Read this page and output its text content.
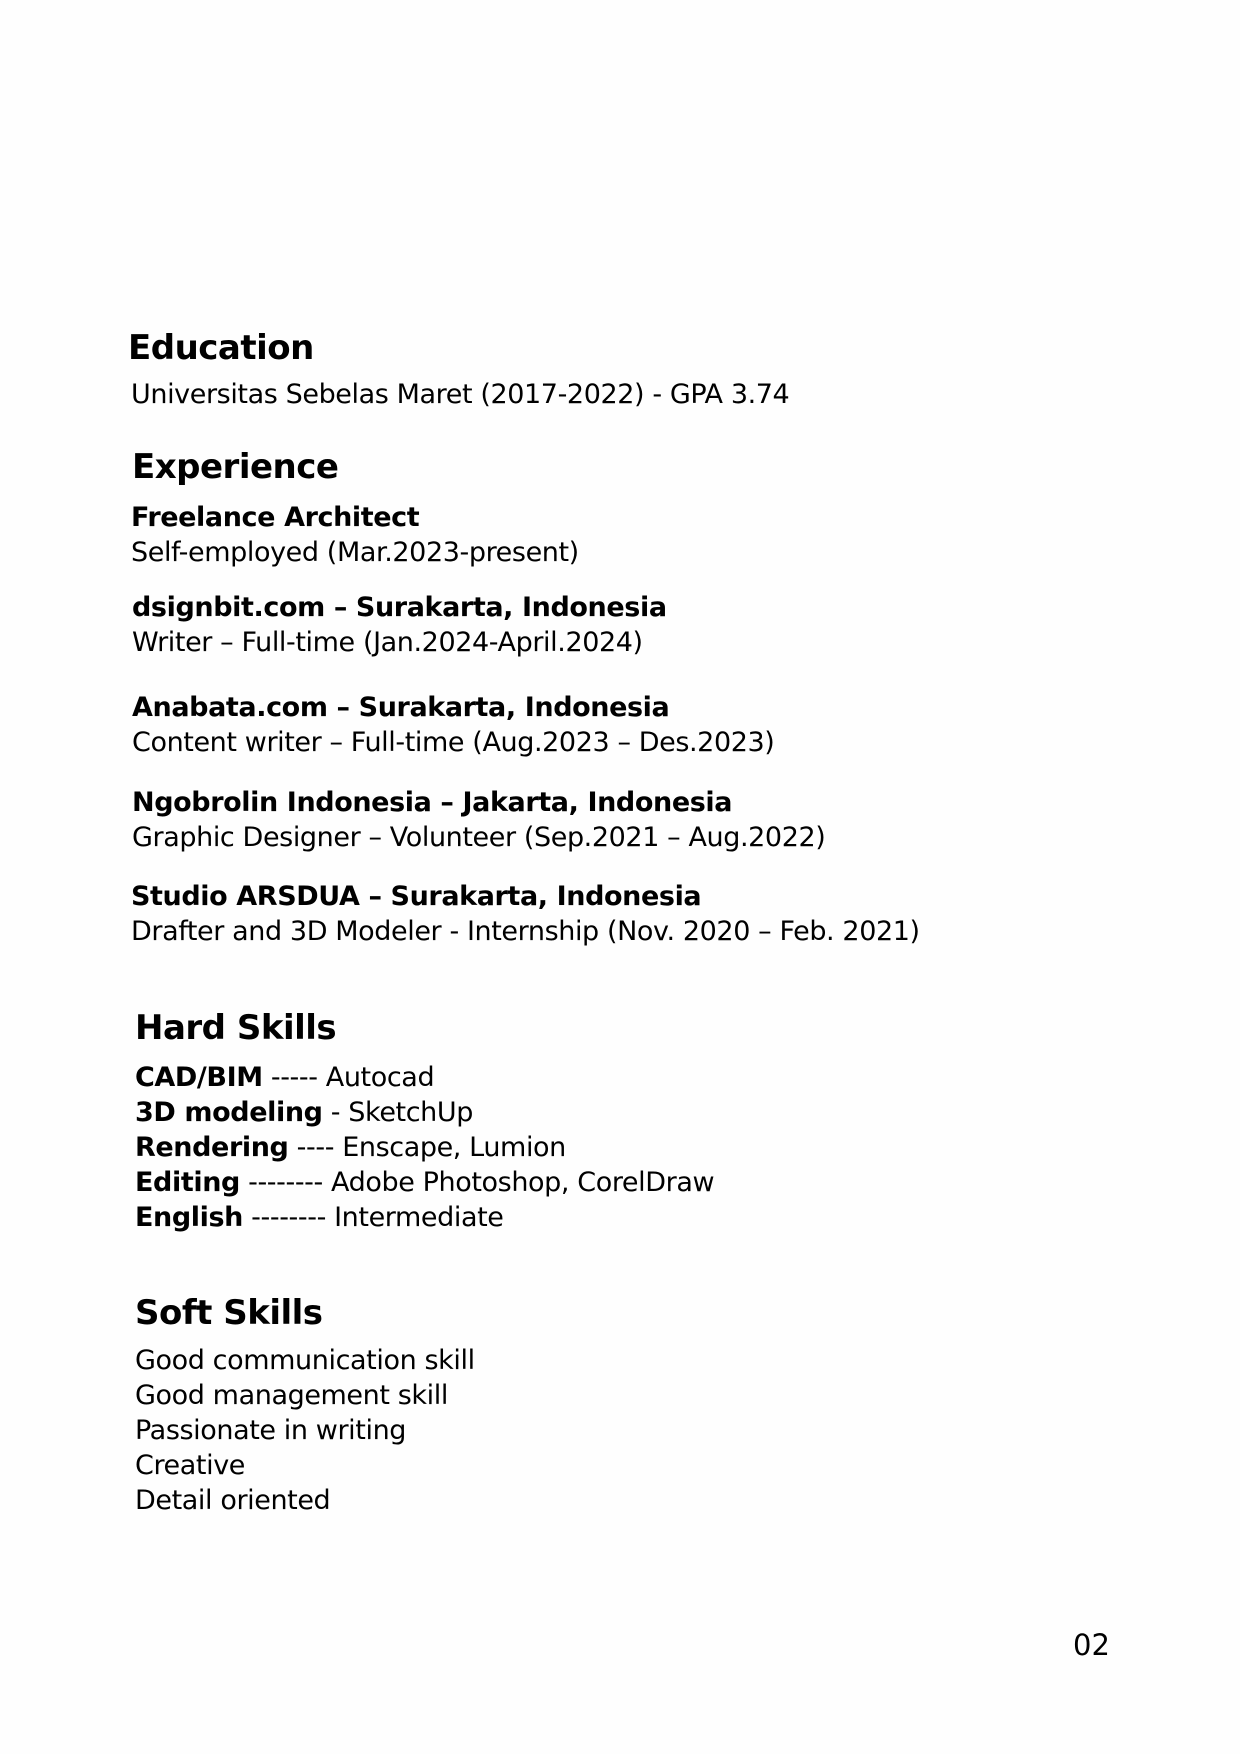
Education

Universitas Sebelas Maret (2017-2022) - GPA 3.74

Experience

Freelance Architect

Self-employed (Mar.2023-present)

dsignbit.com – Surakarta, Indonesia

Writer – Full-time (Jan.2024-April.2024)

Anabata.com – Surakarta, Indonesia

Content writer – Full-time (Aug.2023 – Des.2023)

Ngobrolin Indonesia – Jakarta, Indonesia

Graphic Designer – Volunteer (Sep.2021 – Aug.2022)

Studio ARSDUA – Surakarta, Indonesia

Drafter and 3D Modeler - Internship (Nov. 2020 – Feb. 2021)

Hard Skills

CAD/BIM ----- Autocad

3D modeling - SketchUp

Rendering ---- Enscape, Lumion

Editing -------- Adobe Photoshop, CorelDraw

English -------- Intermediate

Soft Skills

Good communication skill

Good management skill

Passionate in writing

Creative

Detail oriented

02
